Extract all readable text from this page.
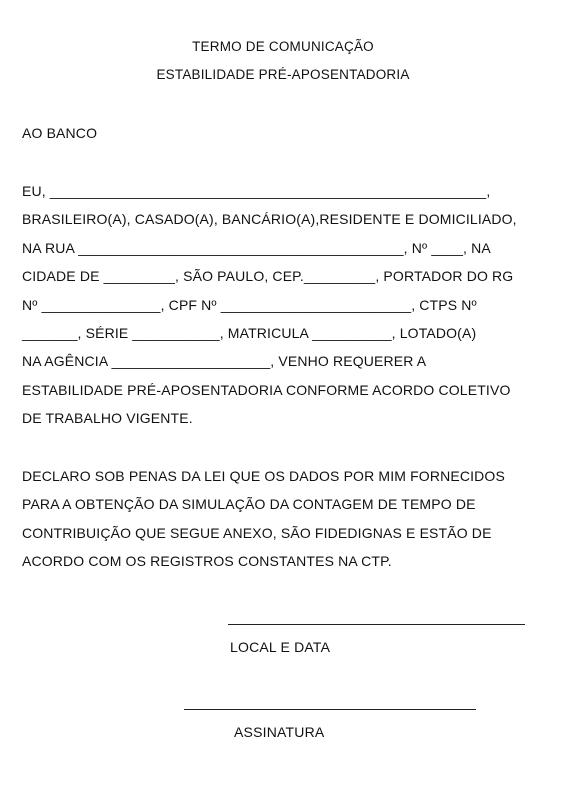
TERMO DE COMUNICAÇÃO
ESTABILIDADE PRÉ-APOSENTADORIA
AO BANCO
EU, _______________________________________________________,
BRASILEIRO(A), CASADO(A), BANCÁRIO(A),RESIDENTE E DOMICILIADO,
NA RUA _________________________________________, Nº ____, NA
CIDADE DE _________, SÃO PAULO, CEP._________, PORTADOR DO RG
Nº _______________, CPF Nº ________________________, CTPS Nº
_______, SÉRIE ___________, MATRICULA __________, LOTADO(A)
NA AGÊNCIA ____________________, VENHO REQUERER A
ESTABILIDADE PRÉ-APOSENTADORIA CONFORME ACORDO COLETIVO
DE TRABALHO VIGENTE.
DECLARO SOB PENAS DA LEI QUE OS DADOS POR MIM FORNECIDOS
PARA A OBTENÇÃO DA SIMULAÇÃO DA CONTAGEM DE TEMPO DE
CONTRIBUIÇÃO QUE SEGUE ANEXO, SÃO FIDEDIGNAS E ESTÃO DE
ACORDO COM OS REGISTROS CONSTANTES NA CTP.
LOCAL E DATA
ASSINATURA
